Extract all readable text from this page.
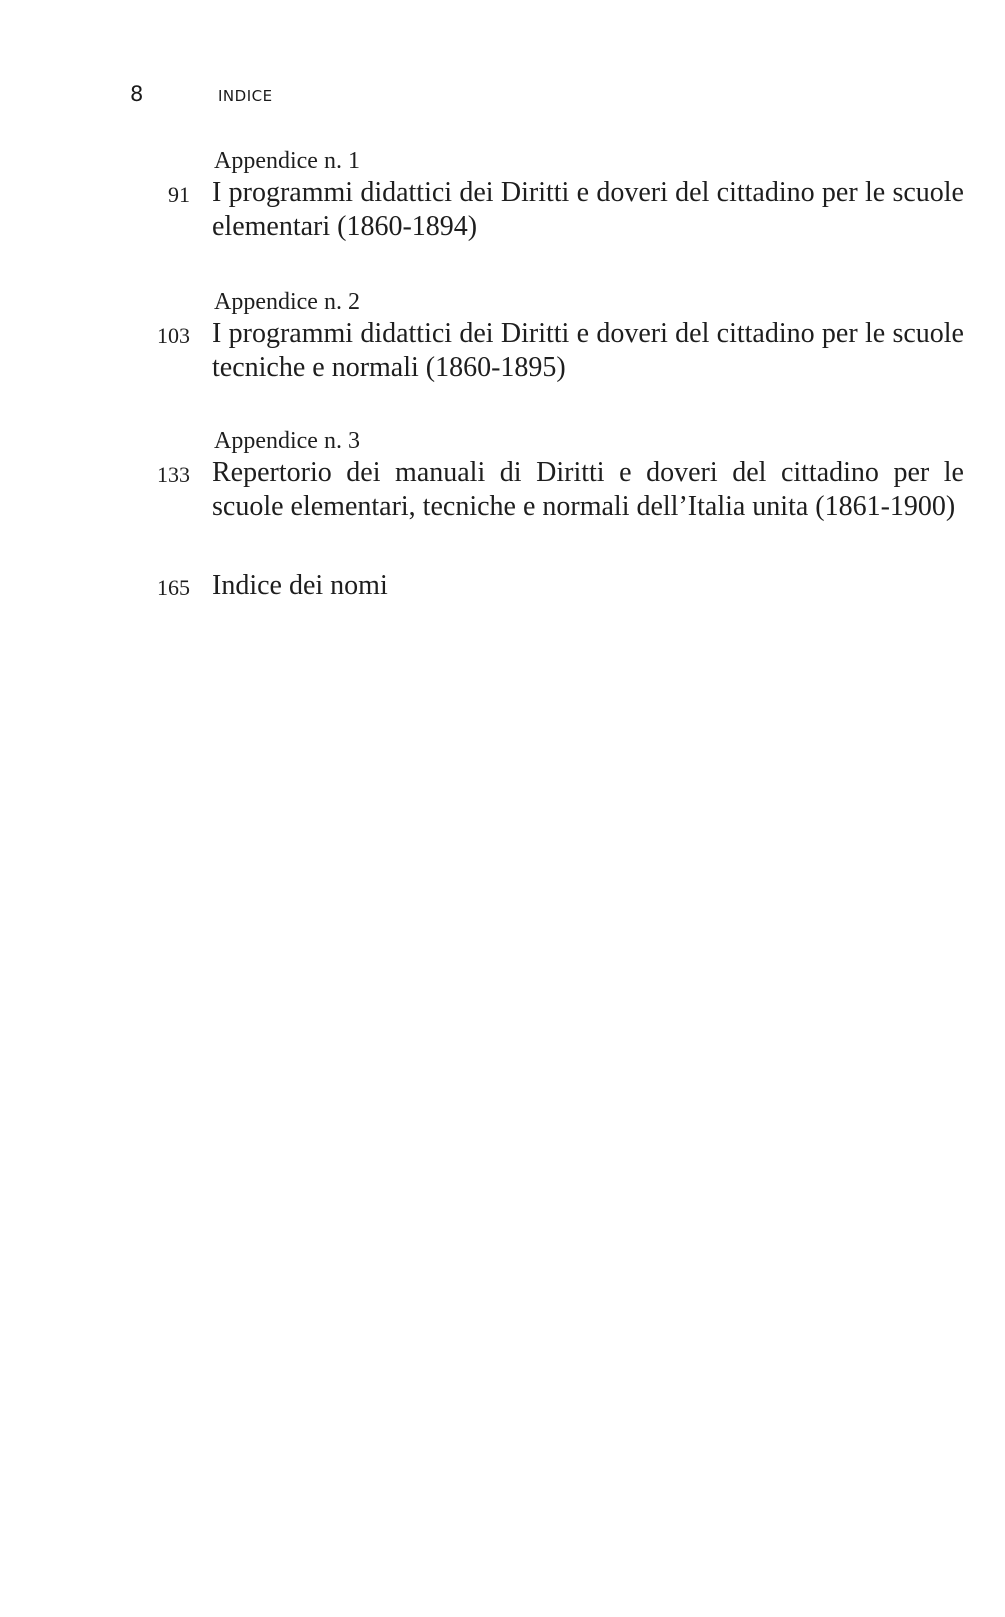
8	INDICE
Appendice n. 1
91 I programmi didattici dei Diritti e doveri del cittadino per le scuole elementari (1860-1894)
Appendice n. 2
103 I programmi didattici dei Diritti e doveri del cittadino per le scuole tecniche e normali (1860-1895)
Appendice n. 3
133 Repertorio dei manuali di Diritti e doveri del cittadino per le scuole elementari, tecniche e normali dell’Italia unita (1861-1900)
165 Indice dei nomi
